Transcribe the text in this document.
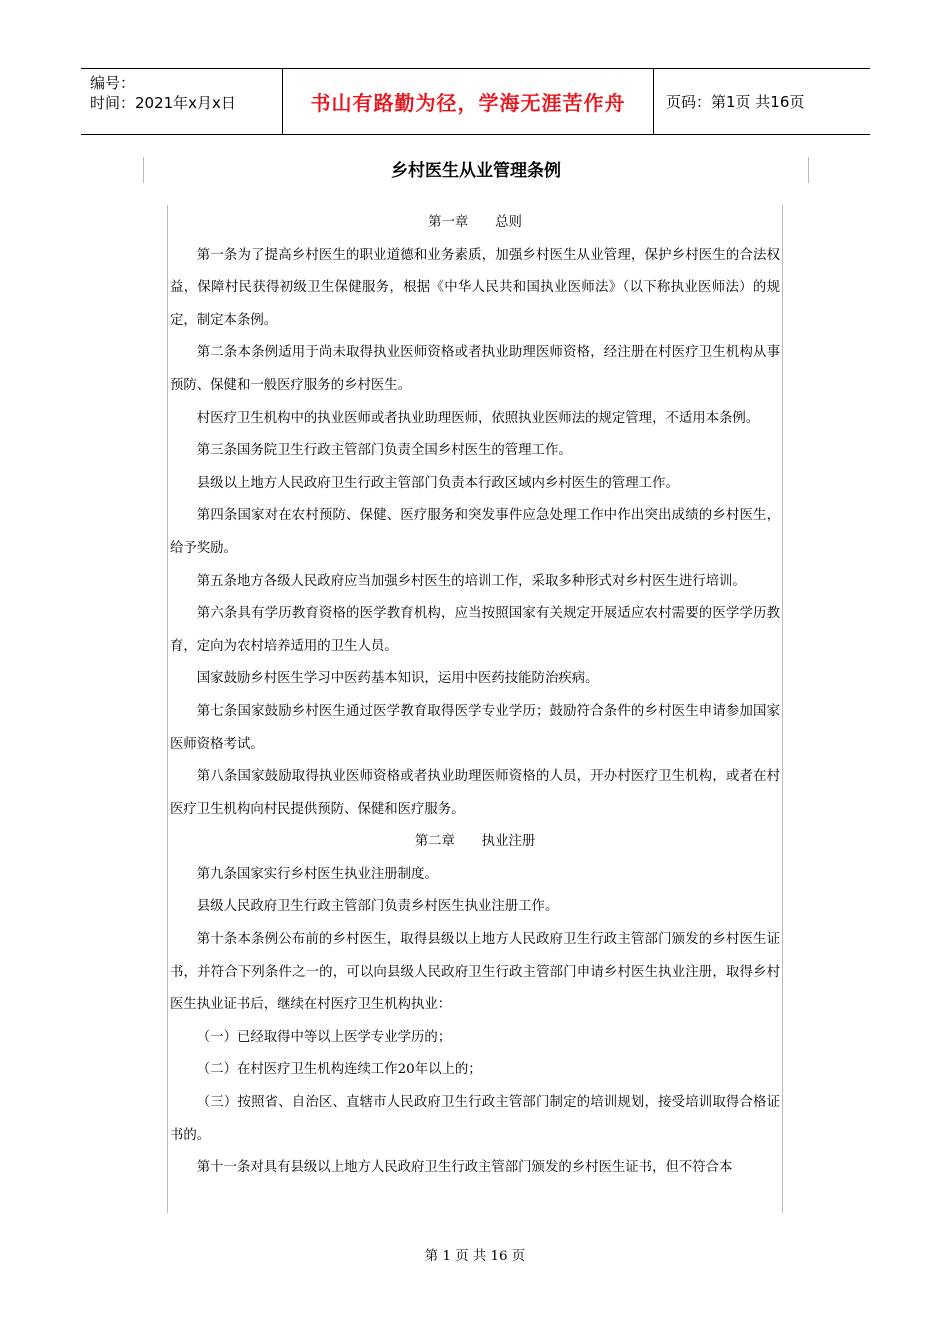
编号：
时间：2021年x月x日	书山有路勤为径，学海无涯苦作舟	页码：第1页 共16页
乡村医生从业管理条例

第一章　　总则

第一条为了提高乡村医生的职业道德和业务素质，加强乡村医生从业管理，保护乡村医生的合法权益，保障村民获得初级卫生保健服务，根据《中华人民共和国执业医师法》（以下称执业医师法）的规定，制定本条例。

第二条本条例适用于尚未取得执业医师资格或者执业助理医师资格，经注册在村医疗卫生机构从事预防、保健和一般医疗服务的乡村医生。

村医疗卫生机构中的执业医师或者执业助理医师，依照执业医师法的规定管理，不适用本条例。

第三条国务院卫生行政主管部门负责全国乡村医生的管理工作。

县级以上地方人民政府卫生行政主管部门负责本行政区域内乡村医生的管理工作。

第四条国家对在农村预防、保健、医疗服务和突发事件应急处理工作中作出突出成绩的乡村医生，给予奖励。

第五条地方各级人民政府应当加强乡村医生的培训工作，采取多种形式对乡村医生进行培训。

第六条具有学历教育资格的医学教育机构，应当按照国家有关规定开展适应农村需要的医学学历教育，定向为农村培养适用的卫生人员。

国家鼓励乡村医生学习中医药基本知识，运用中医药技能防治疾病。

第七条国家鼓励乡村医生通过医学教育取得医学专业学历；鼓励符合条件的乡村医生申请参加国家医师资格考试。

第八条国家鼓励取得执业医师资格或者执业助理医师资格的人员，开办村医疗卫生机构，或者在村医疗卫生机构向村民提供预防、保健和医疗服务。

第二章　　执业注册

第九条国家实行乡村医生执业注册制度。

县级人民政府卫生行政主管部门负责乡村医生执业注册工作。

第十条本条例公布前的乡村医生，取得县级以上地方人民政府卫生行政主管部门颁发的乡村医生证书，并符合下列条件之一的，可以向县级人民政府卫生行政主管部门申请乡村医生执业注册，取得乡村医生执业证书后，继续在村医疗卫生机构执业：

（一）已经取得中等以上医学专业学历的；

（二）在村医疗卫生机构连续工作20年以上的；

（三）按照省、自治区、直辖市人民政府卫生行政主管部门制定的培训规划，接受培训取得合格证书的。

第十一条对具有县级以上地方人民政府卫生行政主管部门颁发的乡村医生证书，但不符合本

第 1 页 共 16 页
